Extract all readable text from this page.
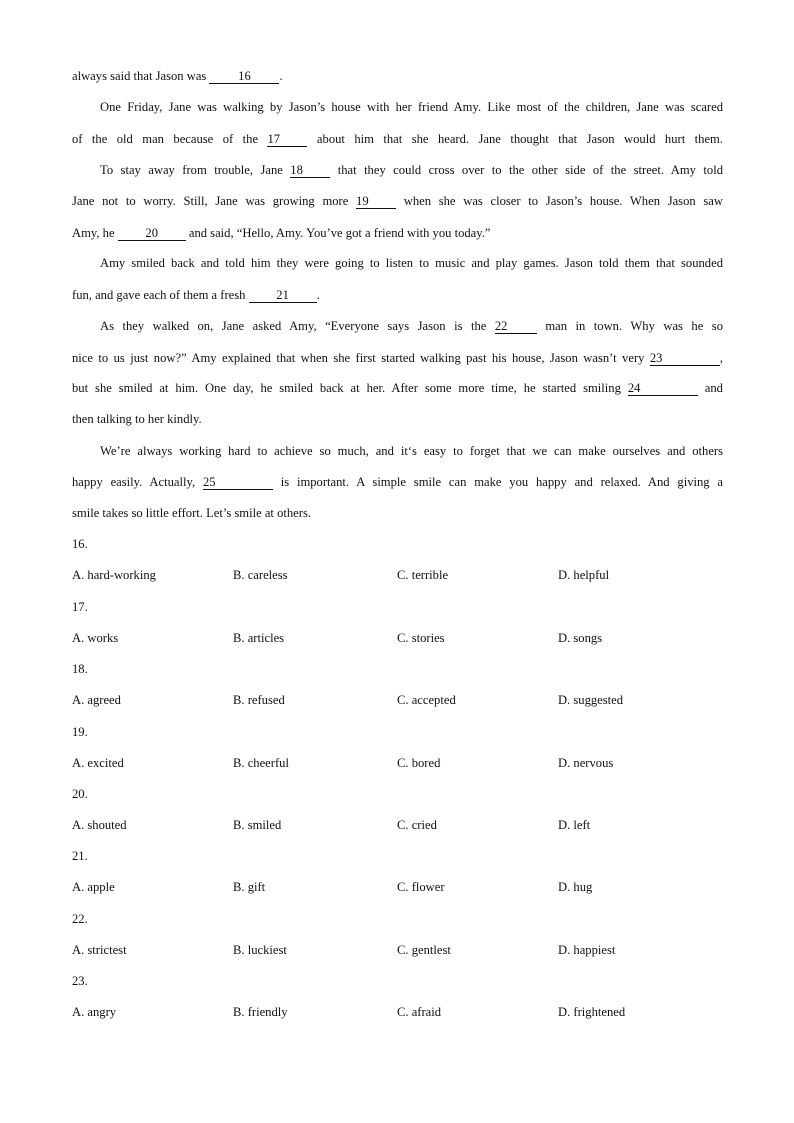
always said that Jason was 16 .
One Friday, Jane was walking by Jason’s house with her friend Amy. Like most of the children, Jane was scared
of the old man because of the 17 about him that she heard. Jane thought that Jason would hurt them.
To stay away from trouble, Jane 18 that they could cross over to the other side of the street. Amy told
Jane not to worry. Still, Jane was growing more 19 when she was closer to Jason’s house. When Jason saw
Amy, he 20 and said, “Hello, Amy. You’ve got a friend with you today.”
Amy smiled back and told him they were going to listen to music and play games. Jason told them that sounded
fun, and gave each of them a fresh 21 .
As they walked on, Jane asked Amy, “Everyone says Jason is the 22 man in town. Why was he so
nice to us just now?” Amy explained that when she first started walking past his house, Jason wasn’t very 23	,
but she smiled at him. One day, he smiled back at her. After some more time, he started smiling 24	and
then talking to her kindly.
We’re always working hard to achieve so much, and it‘s easy to forget that we can make ourselves and others
happy easily. Actually, 25	is important. A simple smile can make you happy and relaxed. And giving a
smile takes so little effort. Let’s smile at others.
16.
A. hard-working	B. careless	C. terrible	D. helpful
17.
A. works	B. articles	C. stories	D. songs
18.
A. agreed	B. refused	C. accepted	D. suggested
19.
A. excited	B. cheerful	C. bored	D. nervous
20.
A. shouted	B. smiled	C. cried	D. left
21.
A. apple	B. gift	C. flower	D. hug
22.
A. strictest	B. luckiest	C. gentlest	D. happiest
23.
A. angry	B. friendly	C. afraid	D. frightened
